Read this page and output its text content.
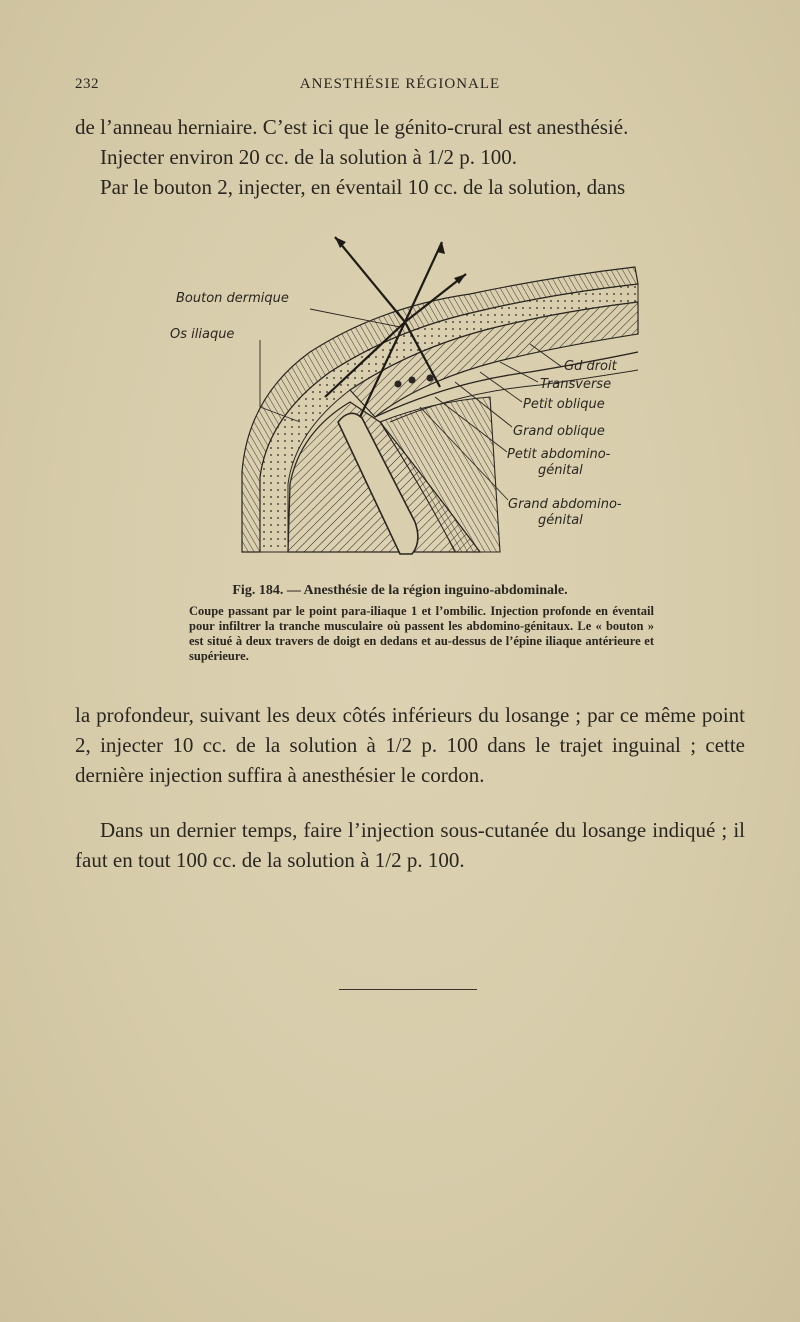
232	ANESTHÉSIE RÉGIONALE

de l’anneau herniaire. C’est ici que le génito-crural est anesthésié.

Injecter environ 20 cc. de la solution à 1/2 p. 100.

Par le bouton 2, injecter, en éventail 10 cc. de la solution, dans

Bouton dermique
Os iliaque
Gd droit
Transverse
Petit oblique
Grand oblique
Petit abdomino-
génital
Grand abdomino-
génital
Fig. 184. — Anesthésie de la région inguino-abdominale.

Coupe passant par le point para-iliaque 1 et l’ombilic. Injection profonde en éventail pour infiltrer la tranche musculaire où passent les abdomino-génitaux. Le « bouton » est situé à deux travers de doigt en dedans et au-dessus de l’épine iliaque antérieure et supérieure.

la profondeur, suivant les deux côtés inférieurs du losange ; par ce même point 2, injecter 10 cc. de la solution à 1/2 p. 100 dans le trajet inguinal ; cette dernière injection suffira à anesthésier le cordon.

Dans un dernier temps, faire l’injection sous-cutanée du losange indiqué ; il faut en tout 100 cc. de la solution à 1/2 p. 100.
